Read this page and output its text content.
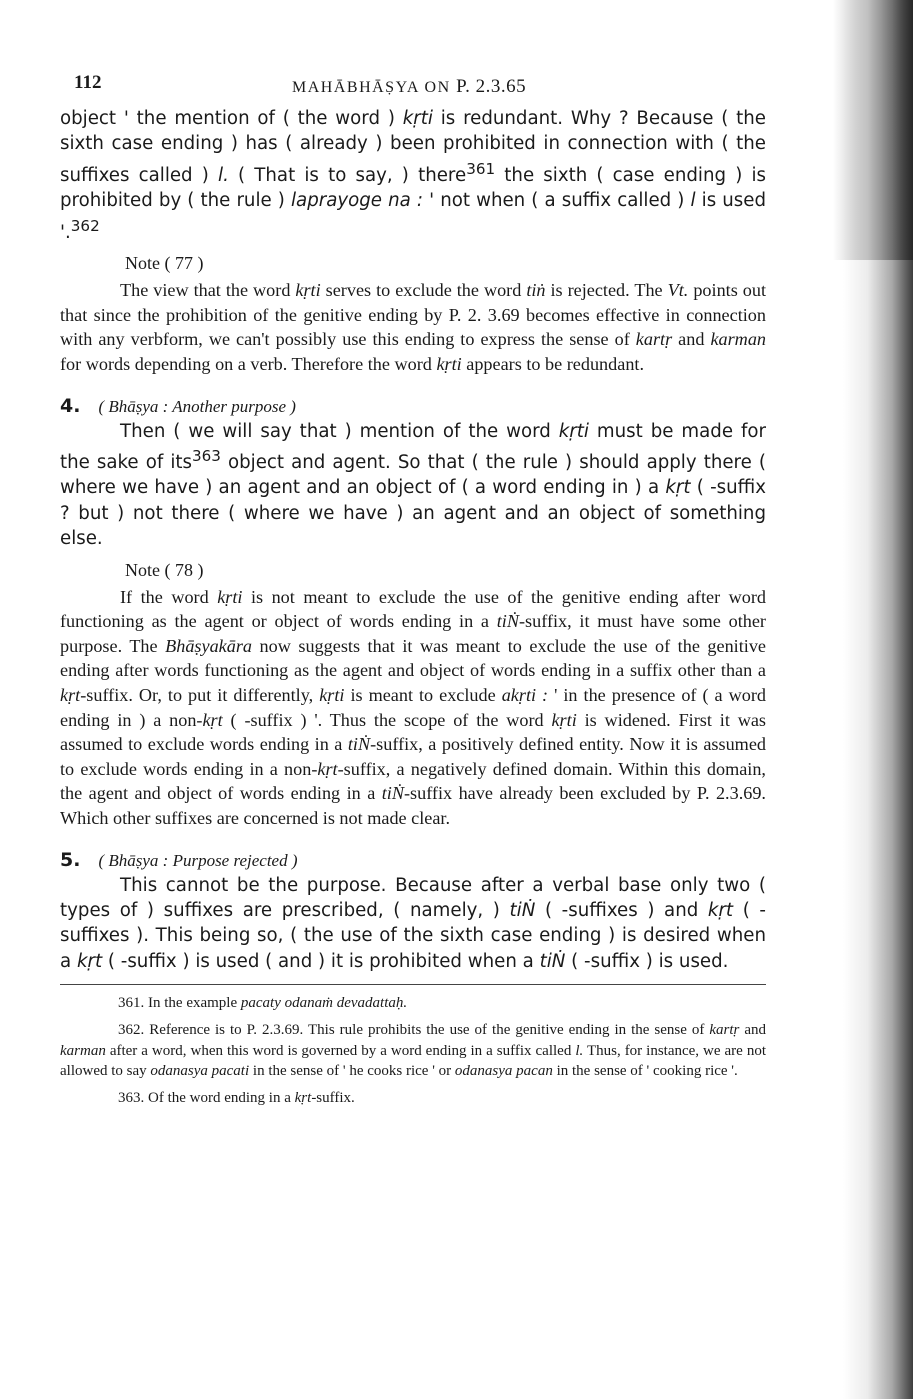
112	MAHĀBHĀṢYA ON P. 2.3.65

object ' the mention of ( the word ) kṛti is redundant. Why ? Because ( the sixth case ending ) has ( already ) been prohibited in connection with ( the suffixes called ) l. ( That is to say, ) there$^{361}$ the sixth ( case ending ) is prohibited by ( the rule ) laprayoge na : ' not when ( a suffix called ) l is used '.$^{362}$

Note ( 77 )

The view that the word kṛti serves to exclude the word tiṅ is rejected. The Vt. points out that since the prohibition of the genitive ending by P. 2. 3.69 becomes effective in connection with any verbform, we can't possibly use this ending to express the sense of kartṛ and karman for words depending on a verb. Therefore the word kṛti appears to be redundant.

4. ( Bhāṣya : Another purpose )

Then ( we will say that ) mention of the word kṛti must be made for the sake of its$^{363}$ object and agent. So that ( the rule ) should apply there ( where we have ) an agent and an object of ( a word ending in ) a kṛt ( -suffix ? but ) not there ( where we have ) an agent and an object of something else.

Note ( 78 )

If the word kṛti is not meant to exclude the use of the genitive ending after word functioning as the agent or object of words ending in a tiṄ-suffix, it must have some other purpose. The Bhāṣyakāra now suggests that it was meant to exclude the use of the genitive ending after words functioning as the agent and object of words ending in a suffix other than a kṛt-suffix. Or, to put it differently, kṛti is meant to exclude akṛti : ' in the presence of ( a word ending in ) a non-kṛt ( -suffix ) '. Thus the scope of the word kṛti is widened. First it was assumed to exclude words ending in a tiṄ-suffix, a positively defined entity. Now it is assumed to exclude words ending in a non-kṛt-suffix, a negatively defined domain. Within this domain, the agent and object of words ending in a tiṄ-suffix have already been excluded by P. 2.3.69. Which other suffixes are concerned is not made clear.

5. ( Bhāṣya : Purpose rejected )

This cannot be the purpose. Because after a verbal base only two ( types of ) suffixes are prescribed, ( namely, ) tiṄ ( -suffixes ) and kṛt ( -suffixes ). This being so, ( the use of the sixth case ending ) is desired when a kṛt ( -suffix ) is used ( and ) it is prohibited when a tiṄ ( -suffix ) is used.

361. In the example pacaty odanaṁ devadattaḥ.

362. Reference is to P. 2.3.69. This rule prohibits the use of the genitive ending in the sense of kartṛ and karman after a word, when this word is governed by a word ending in a suffix called l. Thus, for instance, we are not allowed to say odanasya pacati in the sense of ' he cooks rice ' or odanasya pacan in the sense of ' cooking rice '.

363. Of the word ending in a kṛt-suffix.
